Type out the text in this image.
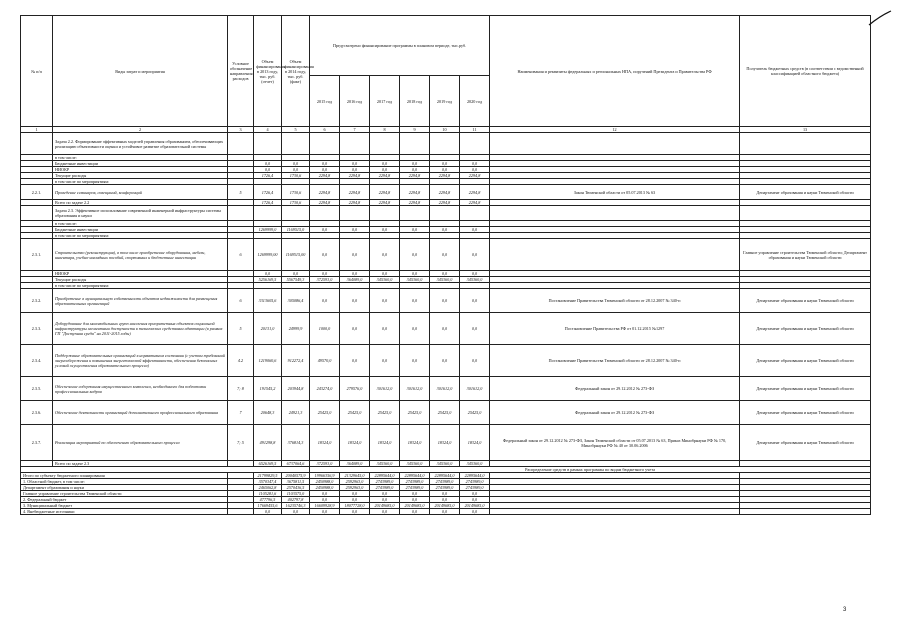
№ п/п	Виды затрат и мероприятия	Условное обозначение направления расходов	Объем финансирования в 2013 году, тыс. руб. (отчет)	Объем финансирования в 2014 году, тыс. руб. (факт)	Предусмотрено финансирование программы в плановом периоде, тыс.руб.						Наименования и реквизиты федеральных и региональных НПА, поручений Президента и Правительства РФ	Получатель бюджетных средств (в соответствии с ведомственной классификацией областного бюджета)
					2015 год	2016 год	2017 год	2018 год	2019 год	2020 год		
1	2	3	4	5	6	7	8	9	10	11	12	13
	Задача 2.2. Формирование эффективных моделей управления образованием, обеспечивающих реализацию объективности оценки и устойчивое развитие образовательной системы											
	в том числе:											
	Бюджетные инвестиции		0,0	0,0	0,0	0,0	0,0	0,0	0,0	0,0		
	НИОКР		0,0	0,0	0,0	0,0	0,0	0,0	0,0	0,0		
	Текущие расходы		1726,4	1730,6	2294,8	2294,8	2294,8	2294,8	2294,8	2294,8		
	в том числе по мероприятиям:											
2.2.1.	Проведение семинаров, совещаний, конференций	5	1726,4	1730,6	2294,8	2294,8	2294,8	2294,8	2294,8	2294,8	Закон Тюменской области от 05.07.2013 № 63	Департамент образования и науки Тюменской области
	Всего по задаче 2.2		1726,4	1730,6	2294,8	2294,8	2294,8	2294,8	2294,8	2294,8		
	Задача 2.3. Эффективное использование современной инженерной инфраструктуры системы образования и науки											
	в том числе:											
	Бюджетные инвестиции		1269999,0	1169515,0	0,0	0,0	0,0	0,0	0,0	0,0		
	в том числе по мероприятиям:											
2.3.1.	Строительство (реконструкция), в том числе приобретение оборудования, мебели, инвентаря, учебно-наглядных пособий, спортивных и бюджетные инвестиции	6	1269999,00	1169515,00	0,0	0,0	0,0	0,0	0,0	0,0		Главное управление строительства Тюменской области; Департамент образования и науки Тюменской области
	НИОКР		0,0	0,0	0,0	0,0	0,0	0,0	0,0	0,0		
	Текущие расходы		5256169,5	5567549,3	372593,0	364089,0	345360,0	345360,0	345360,0	345360,0		
	в том числе по мероприятиям:											
2.3.2.	Приобретение в муниципальную собственность объектов недвижимости для размещения образовательных организаций	6	3313605,6	305086,4	0,0	0,0	0,0	0,0	0,0	0,0	Постановление Правительства Тюменской области от 28.12.2007 № 340-п	Департамент образования и науки Тюменской области
2.3.3.	Доборудование для маломобильных групп населения приоритетных объектов социальной инфраструктуры элементами доступности в технических средствами адаптации (в рамках ГП "Доступная среда" на 2011-2015 годы)	5	20131,0	24999,9	1000,0	0,0	0,0	0,0	0,0	0,0	Постановление Правительства РФ от 01.12.2015 №1297	Департамент образования и науки Тюменской области
2.3.4.	Поддержание образовательных организаций в нормативном состоянии (с учетом требований энергосбережения и повышения энергетической эффективности, обеспечения безопасных условий осуществления образовательного процесса)	4.2	1219060,6	912272,4	49570,0	0,0	0,0	0,0	0,0	0,0	Постановление Правительства Тюменской области от 28.12.2007 № 340-п	Департамент образования и науки Тюменской области
2.3.5.	Обеспечение содержания имущественного комплекса, необходимого для подготовки профессиональных кадров	7; 8	191545,2	203944,8	243274,0	279576,0	301612,0	301612,0	301612,0	301612,0	Федеральный закон от 29.12.2012 № 273-ФЗ	Департамент образования и науки Тюменской области
2.3.6.	Обеспечение деятельности организаций дополнительного профессионального образования	7	20648,3	24921,3	25425,0	25425,0	25425,0	25425,0	25425,0	25425,0	Федеральный закон от 29.12.2012 № 273-ФЗ	Департамент образования и науки Тюменской области
2.3.7.	Реализация мероприятий по обеспечению образовательного процесса	7; 5	491298,8	376814,3	18324,0	18324,0	18324,0	18324,0	18324,0	18324,0	Федеральный закон от 29.12.2012 № 273-ФЗ, Закон Тюменской области от 05.07.2013 № 63, Приказ Минобрнауки РФ № 170, Минобрнауки РФ № 40 от 30.06.2006	Департамент образования и науки Тюменской области
	Всего по задаче 2.3		6526169,5	6737064,6	372593,0	364089,0	345360,0	345360,0	345360,0	345360,0		
					Распределение средств в рамках программы по видам бюджетного учета							
Итого по субъекту бюджетного планирования			21799829,5	20040575,9	19966356,9	21329645,0	22895644,0	22895644,0	22895644,0	22895644,0		
1. Областной бюджет, в том числе:			3570347,4	3675811,5	2450988,0	2592963,0	2743989,0	2743989,0	2743989,0	2743989,0		
Департамент образования и науки			2465062,8	2570436,5	2450988,0	2592963,0	2743989,0	2743989,0	2743989,0	2743989,0		
Главное управление строительства Тюменской области			1105281,6	1103575,0	0,0	0,0	0,0	0,0	0,0	0,0		
2. Федеральный бюджет			477796,5	402797,8	0,0	0,0	0,0	0,0	0,0	0,0		
3. Муниципальный бюджет			17669455,6	16235746,3	16609928,9	18077728,0	20149685,0	20149685,0	20149685,0	20149685,0		
4. Внебюджетные источники			0,0	0,0	0,0	0,0	0,0	0,0	0,0	0,0		
3
